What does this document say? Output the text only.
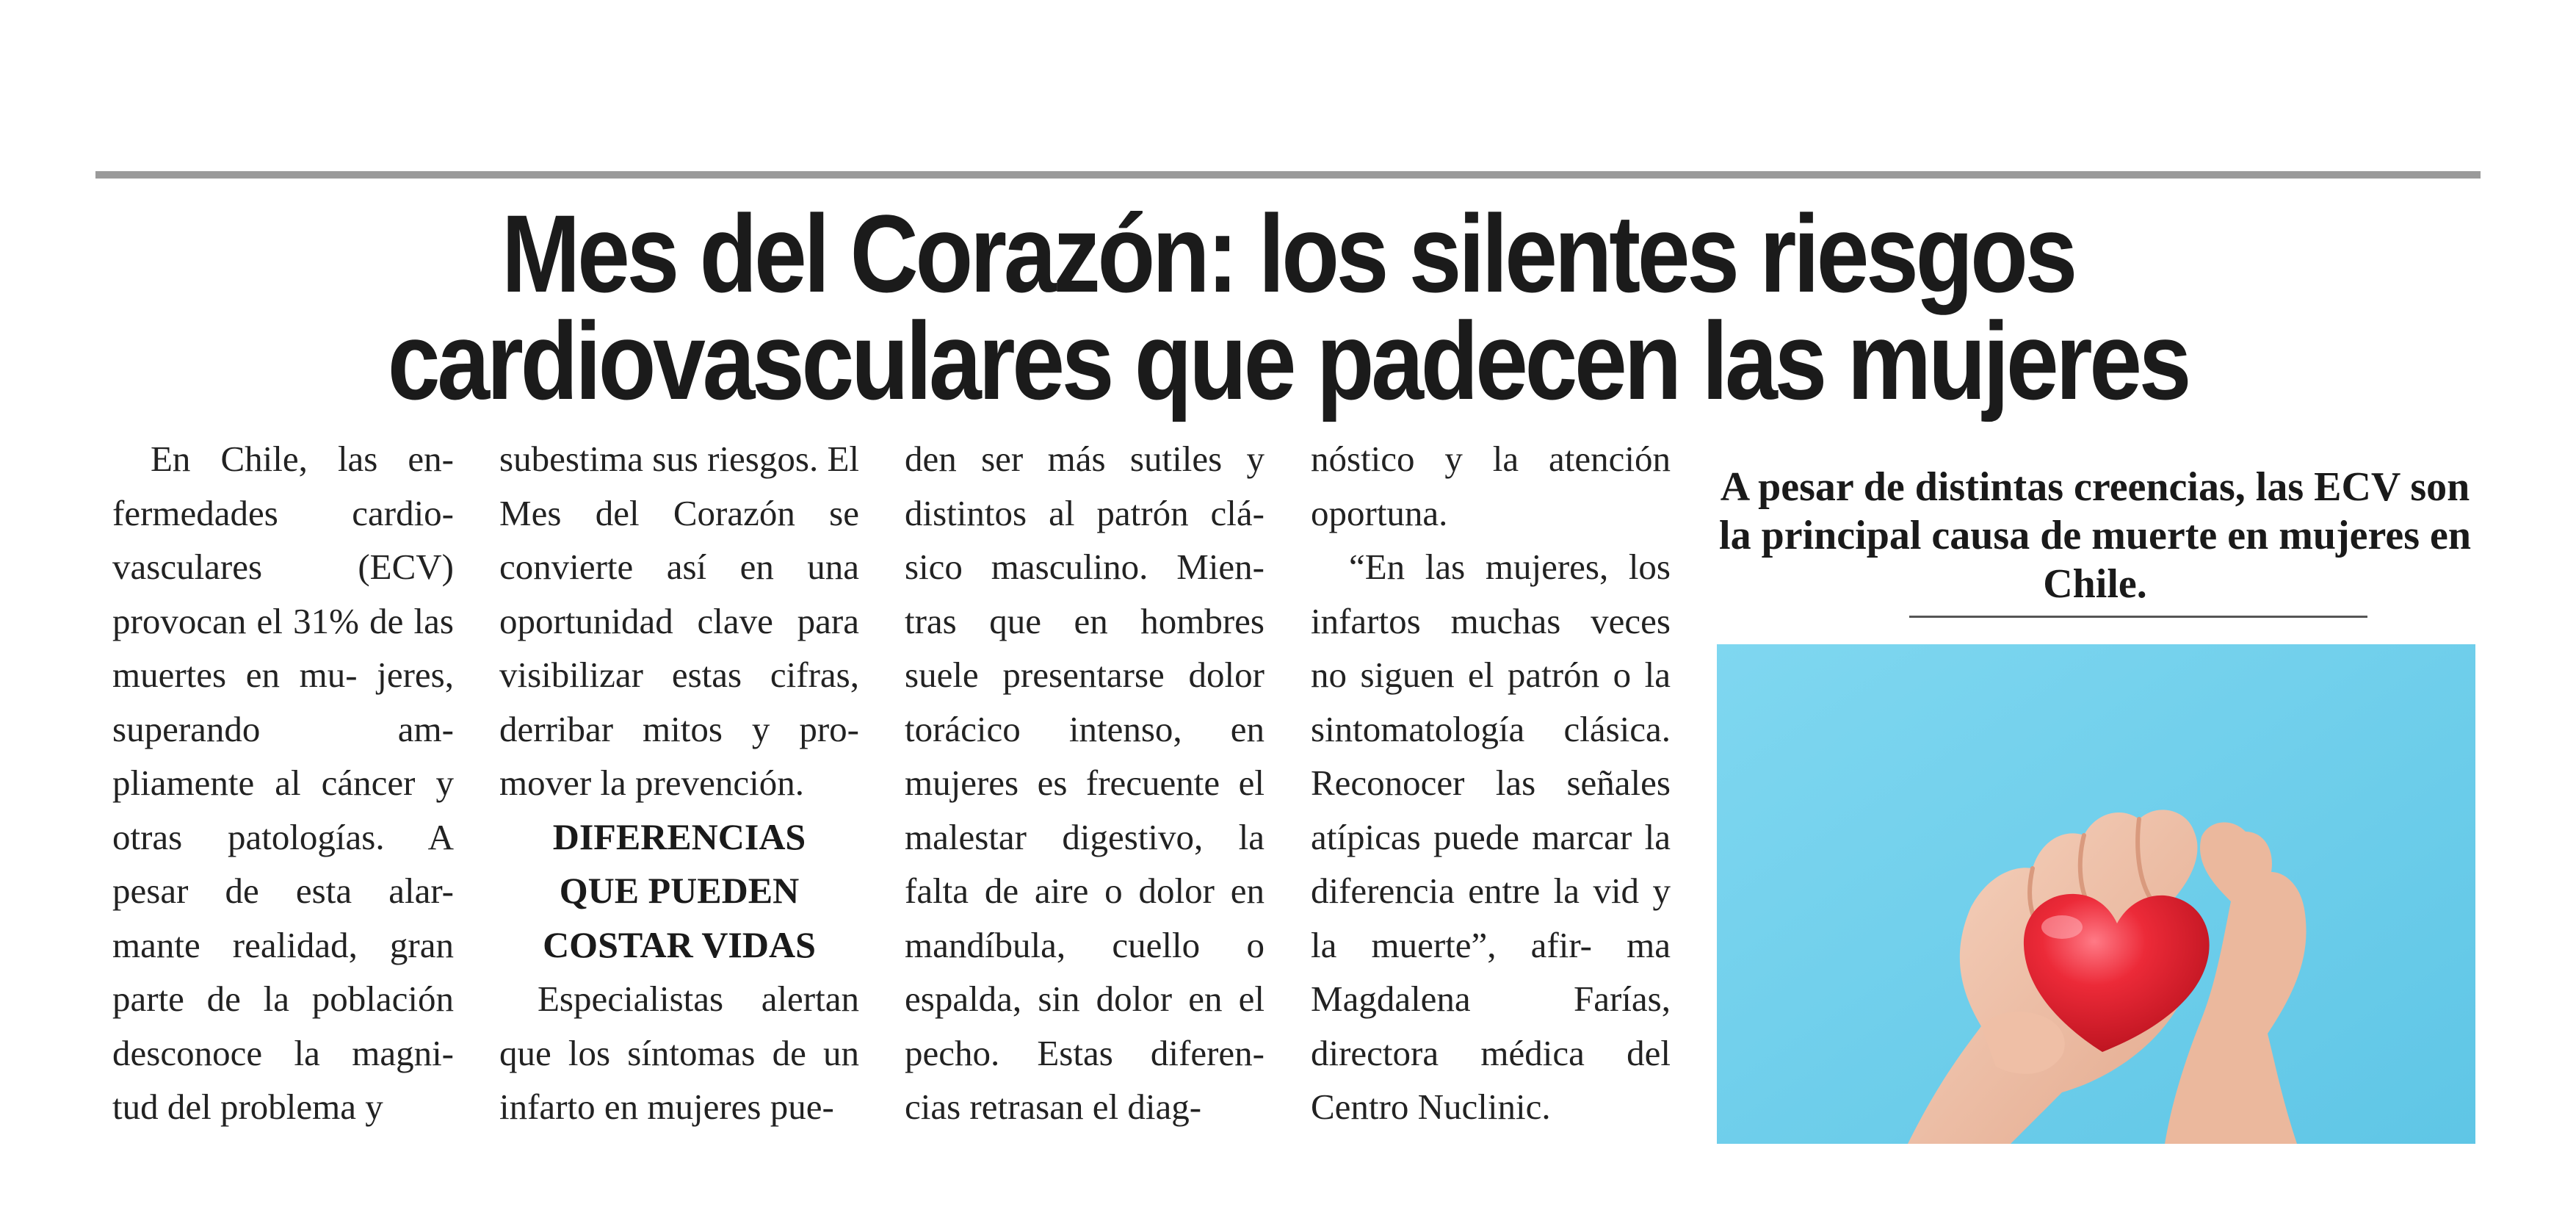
Mes del Corazón: los silentes riesgos
cardiovasculares que padecen las mujeres

En Chile, las en- fermedades cardio- vasculares (ECV) provocan el 31% de las muertes en mu- jeres, superando am- pliamente al cáncer y otras patologías. A pesar de esta alar- mante realidad, gran parte de la población desconoce la magni- tud del problema y

subestima sus riesgos. El Mes del Corazón se convierte así en una oportunidad clave para visibilizar estas cifras, derribar mitos y pro- mover la prevención.

DIFERENCIAS
QUE PUEDEN
COSTAR VIDAS

Especialistas alertan que los síntomas de un infarto en mujeres pue-

den ser más sutiles y distintos al patrón clá- sico masculino. Mien- tras que en hombres suele presentarse dolor torácico intenso, en mujeres es frecuente el malestar digestivo, la falta de aire o dolor en mandíbula, cuello o espalda, sin dolor en el pecho. Estas diferen- cias retrasan el diag-

nóstico y la atención oportuna.

“En las mujeres, los infartos muchas veces no siguen el patrón o la sintomatología clásica. Reconocer las señales atípicas puede marcar la diferencia entre la vid y la muerte”, afir- ma Magdalena Farías, directora médica del Centro Nuclinic.

A pesar de distintas creencias, las ECV son la principal causa de muerte en mujeres en Chile.
